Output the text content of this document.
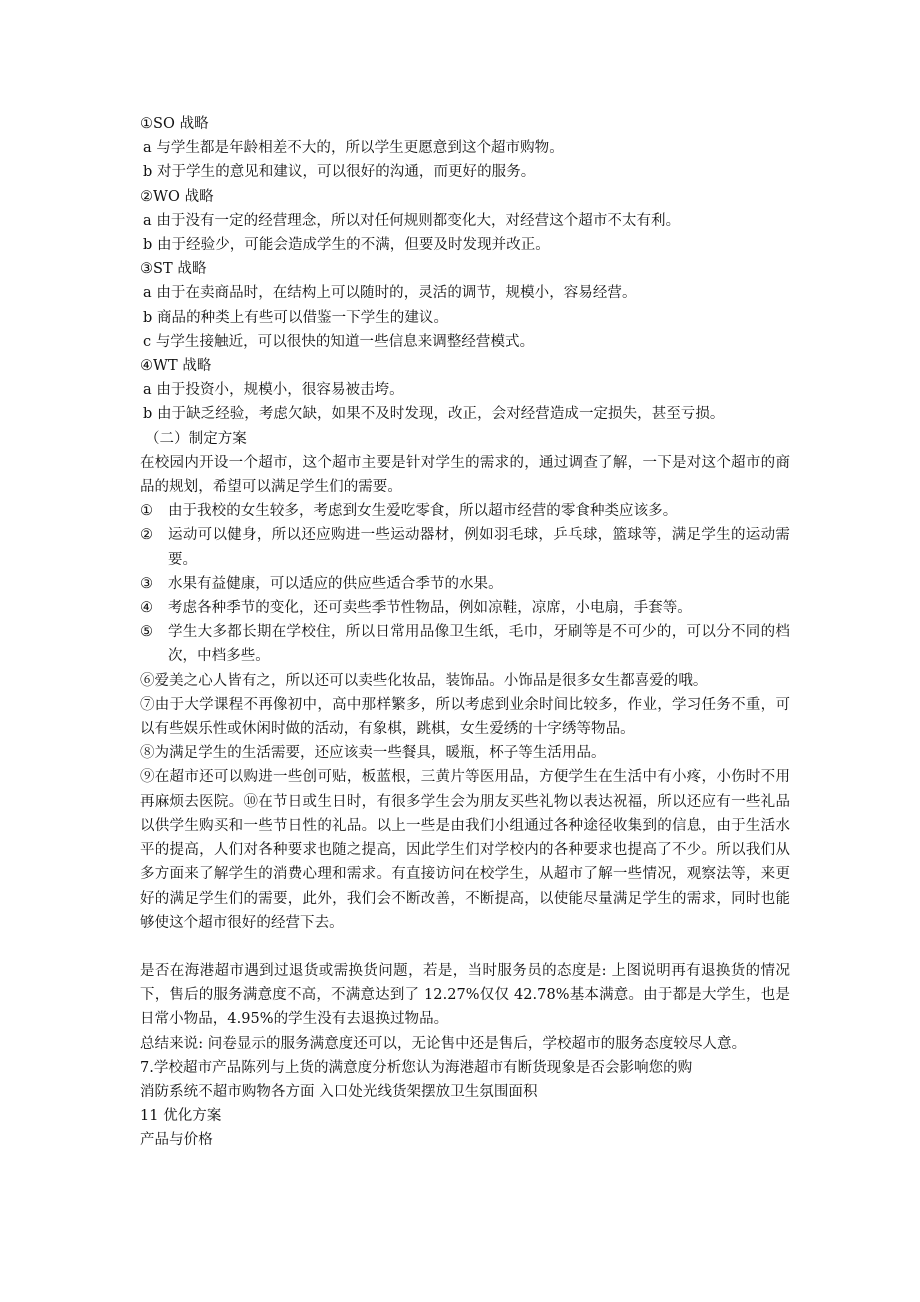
①SO 战略
a 与学生都是年龄相差不大的，所以学生更愿意到这个超市购物。
b 对于学生的意见和建议，可以很好的沟通，而更好的服务。
②WO 战略
a 由于没有一定的经营理念，所以对任何规则都变化大，对经营这个超市不太有利。
b 由于经验少，可能会造成学生的不满，但要及时发现并改正。
③ST 战略
a 由于在卖商品时，在结构上可以随时的，灵活的调节，规模小，容易经营。
b 商品的种类上有些可以借鉴一下学生的建议。
c 与学生接触近，可以很快的知道一些信息来调整经营模式。
④WT 战略
a 由于投资小，规模小，很容易被击垮。
b 由于缺乏经验，考虑欠缺，如果不及时发现，改正，会对经营造成一定损失，甚至亏损。
（二）制定方案
在校园内开设一个超市，这个超市主要是针对学生的需求的，通过调查了解，一下是对这个超市的商品的规划，希望可以满足学生们的需要。
①	由于我校的女生较多，考虑到女生爱吃零食，所以超市经营的零食种类应该多。
②	运动可以健身，所以还应购进一些运动器材，例如羽毛球，乒乓球，篮球等，满足学生的运动需要。
③	水果有益健康，可以适应的供应些适合季节的水果。
④	考虑各种季节的变化，还可卖些季节性物品，例如凉鞋，凉席，小电扇，手套等。
⑤	学生大多都长期在学校住，所以日常用品像卫生纸，毛巾，牙刷等是不可少的，可以分不同的档次，中档多些。
⑥爱美之心人皆有之，所以还可以卖些化妆品，装饰品。小饰品是很多女生都喜爱的哦。
⑦由于大学课程不再像初中，高中那样繁多，所以考虑到业余时间比较多，作业，学习任务不重，可以有些娱乐性或休闲时做的活动，有象棋，跳棋，女生爱绣的十字绣等物品。
⑧为满足学生的生活需要，还应该卖一些餐具，暖瓶，杯子等生活用品。
⑨在超市还可以购进一些创可贴，板蓝根，三黄片等医用品，方便学生在生活中有小疼，小伤时不用再麻烦去医院。⑩在节日或生日时，有很多学生会为朋友买些礼物以表达祝福，所以还应有一些礼品以供学生购买和一些节日性的礼品。以上一些是由我们小组通过各种途径收集到的信息，由于生活水平的提高，人们对各种要求也随之提高，因此学生们对学校内的各种要求也提高了不少。所以我们从多方面来了解学生的消费心理和需求。有直接访问在校学生，从超市了解一些情况，观察法等，来更好的满足学生们的需要，此外，我们会不断改善，不断提高，以使能尽量满足学生的需求，同时也能够使这个超市很好的经营下去。
是否在海港超市遇到过退货或需换货问题，若是，当时服务员的态度是: 上图说明再有退换货的情况下，售后的服务满意度不高，不满意达到了 12.27%仅仅 42.78%基本满意。由于都是大学生，也是日常小物品，4.95%的学生没有去退换过物品。
总结来说: 问卷显示的服务满意度还可以，无论售中还是售后，学校超市的服务态度较尽人意。
7.学校超市产品陈列与上货的满意度分析您认为海港超市有断货现象是否会影响您的购
消防系统不超市购物各方面 入口处光线货架摆放卫生氛围面积
11 优化方案
产品与价格
